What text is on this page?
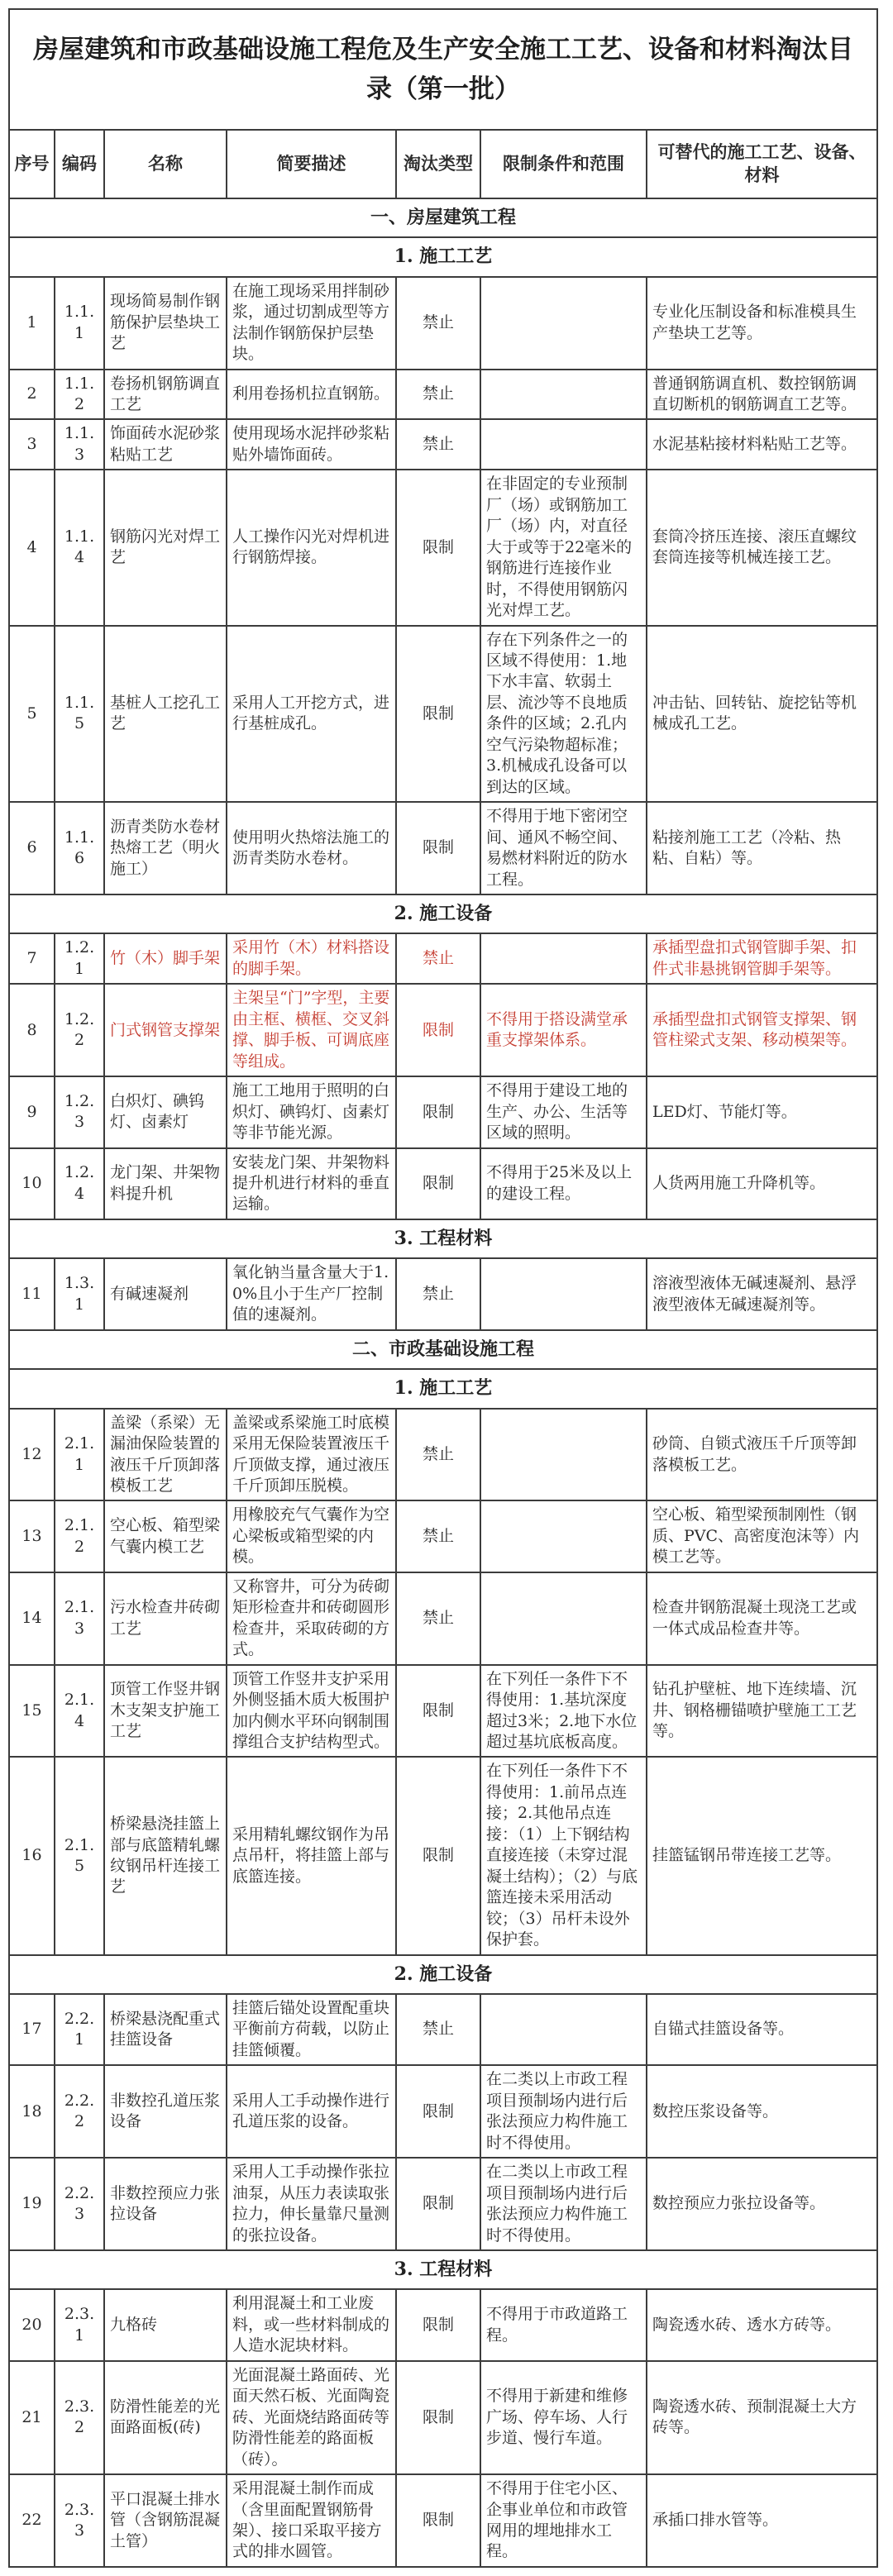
房屋建筑和市政基础设施工程危及生产安全施工工艺、设备和材料淘汰目录（第一批）						
序号	编码	名称	简要描述	淘汰类型	限制条件和范围	可替代的施工工艺、设备、材料
一、房屋建筑工程						
1. 施工工艺						
1	1.1.1	现场简易制作钢筋保护层垫块工艺	在施工现场采用拌制砂浆，通过切割成型等方法制作钢筋保护层垫块。	禁止		专业化压制设备和标准模具生产垫块工艺等。
2	1.1.2	卷扬机钢筋调直工艺	利用卷扬机拉直钢筋。	禁止		普通钢筋调直机、数控钢筋调直切断机的钢筋调直工艺等。
3	1.1.3	饰面砖水泥砂浆粘贴工艺	使用现场水泥拌砂浆粘贴外墙饰面砖。	禁止		水泥基粘接材料粘贴工艺等。
4	1.1.4	钢筋闪光对焊工艺	人工操作闪光对焊机进行钢筋焊接。	限制	在非固定的专业预制厂（场）或钢筋加工厂（场）内，对直径大于或等于22毫米的钢筋进行连接作业时，不得使用钢筋闪光对焊工艺。	套筒冷挤压连接、滚压直螺纹套筒连接等机械连接工艺。
5	1.1.5	基桩人工挖孔工艺	采用人工开挖方式，进行基桩成孔。	限制	存在下列条件之一的区域不得使用：1.地下水丰富、软弱土层、流沙等不良地质条件的区域；2.孔内空气污染物超标准；3.机械成孔设备可以到达的区域。	冲击钻、回转钻、旋挖钻等机械成孔工艺。
6	1.1.6	沥青类防水卷材热熔工艺（明火施工）	使用明火热熔法施工的沥青类防水卷材。	限制	不得用于地下密闭空间、通风不畅空间、易燃材料附近的防水工程。	粘接剂施工工艺（冷粘、热粘、自粘）等。
2. 施工设备						
7	1.2.1	竹（木）脚手架	采用竹（木）材料搭设的脚手架。	禁止		承插型盘扣式钢管脚手架、扣件式非悬挑钢管脚手架等。
8	1.2.2	门式钢管支撑架	主架呈“门”字型，主要由主框、横框、交叉斜撑、脚手板、可调底座等组成。	限制	不得用于搭设满堂承重支撑架体系。	承插型盘扣式钢管支撑架、钢管柱梁式支架、移动模架等。
9	1.2.3	白炽灯、碘钨灯、卤素灯	施工工地用于照明的白炽灯、碘钨灯、卤素灯等非节能光源。	限制	不得用于建设工地的生产、办公、生活等区域的照明。	LED灯、节能灯等。
10	1.2.4	龙门架、井架物料提升机	安装龙门架、井架物料提升机进行材料的垂直运输。	限制	不得用于25米及以上的建设工程。	人货两用施工升降机等。
3. 工程材料						
11	1.3.1	有碱速凝剂	氧化钠当量含量大于1.0%且小于生产厂控制值的速凝剂。	禁止		溶液型液体无碱速凝剂、悬浮液型液体无碱速凝剂等。
二、市政基础设施工程						
1. 施工工艺						
12	2.1.1	盖梁（系梁）无漏油保险装置的液压千斤顶卸落模板工艺	盖梁或系梁施工时底模采用无保险装置液压千斤顶做支撑，通过液压千斤顶卸压脱模。	禁止		砂筒、自锁式液压千斤顶等卸落模板工艺。
13	2.1.2	空心板、箱型梁气囊内模工艺	用橡胶充气气囊作为空心梁板或箱型梁的内模。	禁止		空心板、箱型梁预制刚性（钢质、PVC、高密度泡沫等）内模工艺等。
14	2.1.3	污水检查井砖砌工艺	又称窨井，可分为砖砌矩形检查井和砖砌圆形检查井，采取砖砌的方式。	禁止		检查井钢筋混凝土现浇工艺或一体式成品检查井等。
15	2.1.4	顶管工作竖井钢木支架支护施工工艺	顶管工作竖井支护采用外侧竖插木质大板围护加内侧水平环向钢制围撑组合支护结构型式。	限制	在下列任一条件下不得使用：1.基坑深度超过3米；2.地下水位超过基坑底板高度。	钻孔护壁桩、地下连续墙、沉井、钢格栅锚喷护壁施工工艺等。
16	2.1.5	桥梁悬浇挂篮上部与底篮精轧螺纹钢吊杆连接工艺	采用精轧螺纹钢作为吊点吊杆，将挂篮上部与底篮连接。	限制	在下列任一条件下不得使用：1.前吊点连接；2.其他吊点连接：（1）上下钢结构直接连接（未穿过混凝土结构）；（2）与底篮连接未采用活动铰；（3）吊杆未设外保护套。	挂篮锰钢吊带连接工艺等。
2. 施工设备						
17	2.2.1	桥梁悬浇配重式挂篮设备	挂篮后锚处设置配重块平衡前方荷载，以防止挂篮倾覆。	禁止		自锚式挂篮设备等。
18	2.2.2	非数控孔道压浆设备	采用人工手动操作进行孔道压浆的设备。	限制	在二类以上市政工程项目预制场内进行后张法预应力构件施工时不得使用。	数控压浆设备等。
19	2.2.3	非数控预应力张拉设备	采用人工手动操作张拉油泵，从压力表读取张拉力，伸长量靠尺量测的张拉设备。	限制	在二类以上市政工程项目预制场内进行后张法预应力构件施工时不得使用。	数控预应力张拉设备等。
3. 工程材料						
20	2.3.1	九格砖	利用混凝土和工业废料，或一些材料制成的人造水泥块材料。	限制	不得用于市政道路工程。	陶瓷透水砖、透水方砖等。
21	2.3.2	防滑性能差的光面路面板(砖)	光面混凝土路面砖、光面天然石板、光面陶瓷砖、光面烧结路面砖等防滑性能差的路面板（砖）。	限制	不得用于新建和维修广场、停车场、人行步道、慢行车道。	陶瓷透水砖、预制混凝土大方砖等。
22	2.3.3	平口混凝土排水管（含钢筋混凝土管）	采用混凝土制作而成（含里面配置钢筋骨架）、接口采取平接方式的排水圆管。	限制	不得用于住宅小区、企事业单位和市政管网用的埋地排水工程。	承插口排水管等。
